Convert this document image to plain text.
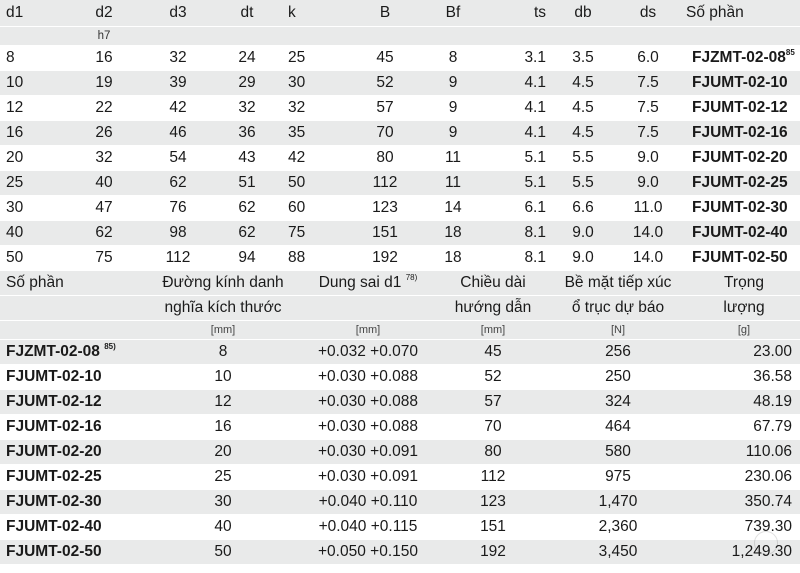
d1	d2	d3	dt	k	B	Bf	ts	db	ds	Số phần
	h7									
8	16	32	24	25	45	8	3.1	3.5	6.0	FJZMT-$02-08^{85}$
10	19	39	29	30	52	9	4.1	4.5	7.5	FJUMT-02-10
12	22	42	32	32	57	9	4.1	4.5	7.5	FJUMT-02-12
16	26	46	36	35	70	9	4.1	4.5	7.5	FJUMT-02-16
20	32	54	43	42	80	11	5.1	5.5	9.0	FJUMT-02-20
25	40	62	51	50	112	11	5.1	5.5	9.0	FJUMT-02-25
30	47	76	62	60	123	14	6.1	6.6	11.0	FJUMT-02-30
40	62	98	62	75	151	18	8.1	9.0	14.0	FJUMT-02-40
50	75	112	94	88	192	18	8.1	9.0	14.0	FJUMT-02-50
Số phần	Đường kính danh	Dung sai d1 $^{78)}$	Chiều dài	Bề mặt tiếp xúc	Trọng
	nghĩa kích thước		hướng dẫn	ổ trục dự báo	lượng
	[mm]	[mm]	[mm]	[N]	[g]
FJZMT-02-08 $^{85)}$	8	+0.032 +0.070	45	256	23.00
FJUMT-02-10	10	+0.030 +0.088	52	250	36.58
FJUMT-02-12	12	+0.030 +0.088	57	324	48.19
FJUMT-02-16	16	+0.030 +0.088	70	464	67.79
FJUMT-02-20	20	+0.030 +0.091	80	580	110.06
FJUMT-02-25	25	+0.030 +0.091	112	975	230.06
FJUMT-02-30	30	+0.040 +0.110	123	1,470	350.74
FJUMT-02-40	40	+0.040 +0.115	151	2,360	739.30
FJUMT-02-50	50	+0.050 +0.150	192	3,450	1,249.30
